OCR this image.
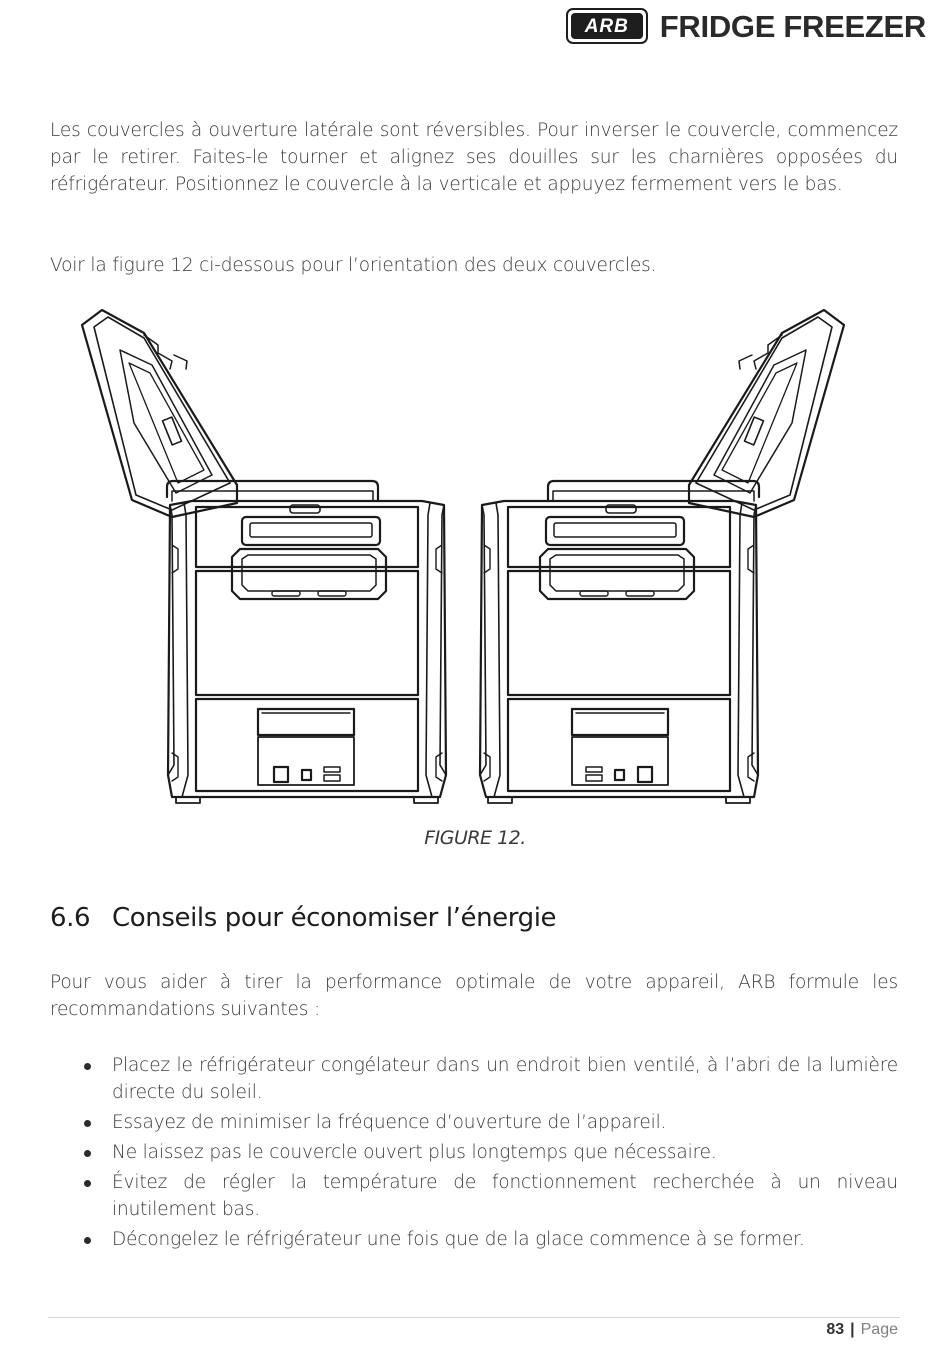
ARB FRIDGE FREEZER

Les couvercles à ouverture latérale sont réversibles. Pour inverser le couvercle, commencez par le retirer. Faites-le tourner et alignez ses douilles sur les charnières opposées du réfrigérateur. Positionnez le couvercle à la verticale et appuyez fermement vers le bas.

Voir la figure 12 ci-dessous pour l’orientation des deux couvercles.

FIGURE 12.
6.6 Conseils pour économiser l’énergie

Pour vous aider à tirer la performance optimale de votre appareil, ARB formule les recommandations suivantes :

Placez le réfrigérateur congélateur dans un endroit bien ventilé, à l’abri de la lumière directe du soleil.
Essayez de minimiser la fréquence d’ouverture de l’appareil.
Ne laissez pas le couvercle ouvert plus longtemps que nécessaire.
Évitez de régler la température de fonctionnement recherchée à un niveau inutilement bas.
Décongelez le réfrigérateur une fois que de la glace commence à se former.
83 | Page
